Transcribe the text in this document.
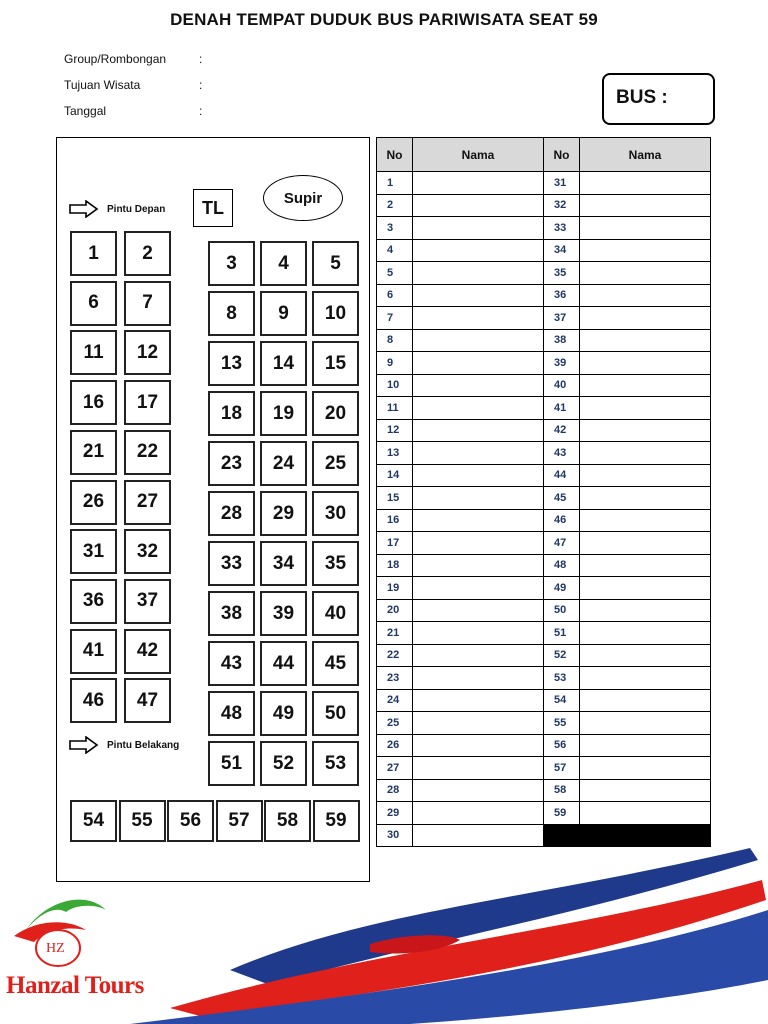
DENAH TEMPAT DUDUK BUS PARIWISATA SEAT 59
Group/Rombongan	:
Tujuan Wisata	:
Tanggal	:
BUS :
Pintu Depan	TL	Supir
Pintu Belakang
1	2
6	7
11	12
16	17
21	22
26	27
31	32
36	37
41	42
46	47
3	4	5
8	9	10
13	14	15
18	19	20
23	24	25
28	29	30
33	34	35
38	39	40
43	44	45
48	49	50
51	52	53
54	55	56	57	58	59
No	Nama	No	Nama
1		31	
2		32	
3		33	
4		34	
5		35	
6		36	
7		37	
8		38	
9		39	
10		40	
11		41	
12		42	
13		43	
14		44	
15		45	
16		46	
17		47	
18		48	
19		49	
20		50	
21		51	
22		52	
23		53	
24		54	
25		55	
26		56	
27		57	
28		58	
29		59	
30			
HZ
Hanzal Tours
